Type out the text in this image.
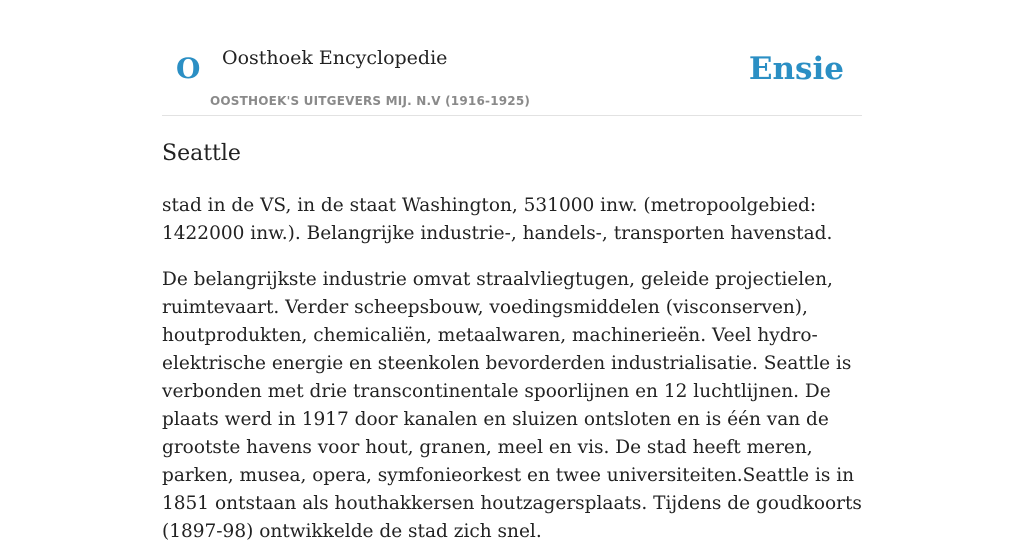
O Oosthoek Encyclopedie
OOSTHOEK'S UITGEVERS MIJ. N.V (1916-1925)
Ensie
Seattle

stad in de VS, in de staat Washington, 531000 inw. (metropoolgebied: 1422000 inw.). Belangrijke industrie-, handels-, transporten havenstad.

De belangrijkste industrie omvat straalvliegtugen, geleide projectielen, ruimtevaart. Verder scheepsbouw, voedingsmiddelen (visconserven), houtprodukten, chemicaliën, metaalwaren, machinerieën. Veel hydro-elektrische energie en steenkolen bevorderden industrialisatie. Seattle is verbonden met drie transcontinentale spoorlijnen en 12 luchtlijnen. De plaats werd in 1917 door kanalen en sluizen ontsloten en is één van de grootste havens voor hout, granen, meel en vis. De stad heeft meren, parken, musea, opera, symfonieorkest en twee universiteiten.Seattle is in 1851 ontstaan als houthakkersen houtzagersplaats. Tijdens de goudkoorts (1897-98) ontwikkelde de stad zich snel.
